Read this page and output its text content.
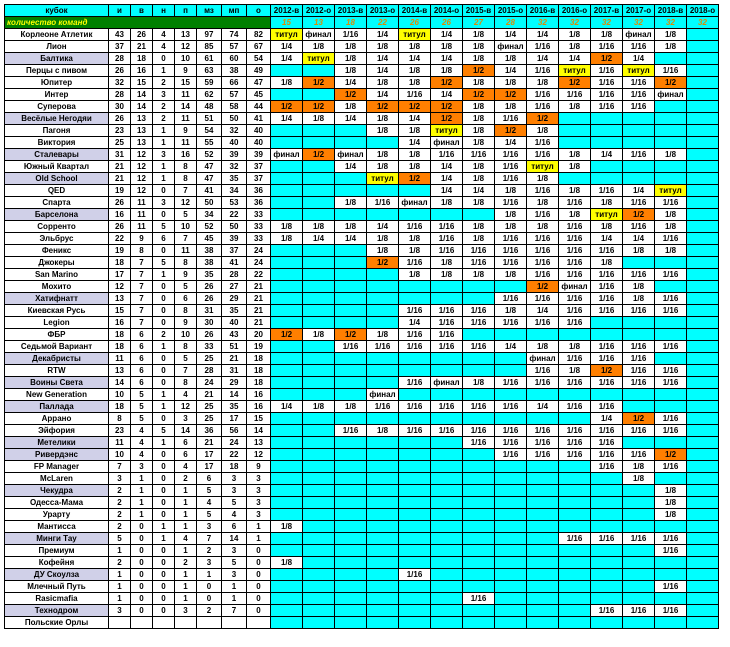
кубок	и	в	н	п	мз	мп	о	2012-в	2012-о	2013-в	2013-о	2014-в	2014-о	2015-в	2015-о	2016-в	2016-о	2017-в	2017-о	2018-в	2018-о
количество команд								15	13	18	22	26	26	27	28	32	32	32	32	32	32
Корлеоне Атлетик	43	26	4	13	97	74	82	титул	финал	1/16	1/4	титул	1/4	1/8	1/4	1/4	1/8	1/8	финал	1/8	
Лион	37	21	4	12	85	57	67	1/4	1/8	1/8	1/8	1/8	1/8	1/8	финал	1/16	1/8	1/16	1/16	1/8	
Балтика	28	18	0	10	61	60	54	1/4	титул	1/8	1/4	1/4	1/4	1/8	1/8	1/4	1/4	1/2	1/4		
Перцы с пивом	26	16	1	9	63	38	49			1/8	1/4	1/8	1/8	1/2	1/4	1/16	титул	1/16	титул	1/16	
Юпитер	32	15	2	15	59	66	47	1/8	1/2	1/4	1/8	1/8	1/2	1/8	1/8	1/8	1/2	1/16	1/16	1/2	
Интер	28	14	3	11	62	57	45			1/2	1/4	1/16	1/4	1/2	1/2	1/16	1/16	1/16	1/16	финал	
Суперова	30	14	2	14	48	58	44	1/2	1/2	1/8	1/2	1/2	1/2	1/8	1/8	1/16	1/8	1/16	1/16		
Весёлые Негодяи	26	13	2	11	51	50	41	1/4	1/8	1/4	1/8	1/4	1/2	1/8	1/16	1/2					
Пагоня	23	13	1	9	54	32	40				1/8	1/8	титул	1/8	1/2	1/8					
Виктория	25	13	1	11	55	40	40					1/4	финал	1/8	1/4	1/16					
Сталевары	31	12	3	16	52	39	39	финал	1/2	финал	1/8	1/8	1/16	1/16	1/16	1/16	1/8	1/4	1/16	1/8	
Южный Квартал	21	12	1	8	47	32	37			1/4	1/8	1/8	1/4	1/8	1/16	титул	1/8				
Old School	21	12	1	8	47	35	37				титул	1/2	1/4	1/8	1/16	1/8					
QED	19	12	0	7	41	34	36						1/4	1/4	1/8	1/16	1/8	1/16	1/4	титул	
Спарта	26	11	3	12	50	53	36			1/8	1/16	финал	1/8	1/8	1/16	1/8	1/16	1/8	1/16	1/16	
Барселона	16	11	0	5	34	22	33								1/8	1/16	1/8	титул	1/2	1/8	
Сорренто	26	11	5	10	52	50	33	1/8	1/8	1/8	1/4	1/16	1/16	1/8	1/8	1/8	1/16	1/8	1/16	1/8	
Эльбрус	22	9	6	7	45	39	33	1/8	1/4	1/4	1/8	1/8	1/16	1/8	1/16	1/16	1/16	1/4	1/4	1/16	
Феникс	19	8	0	11	38	37	24				1/8	1/8	1/16	1/16	1/16	1/16	1/16	1/16	1/8	1/8	
Джокеры	18	7	5	8	38	41	24				1/2	1/16	1/8	1/16	1/16	1/16	1/16	1/8			
San Marino	17	7	1	9	35	28	22					1/8	1/8	1/8	1/8	1/16	1/16	1/16	1/16	1/16	
Мохито	12	7	0	5	26	27	21									1/2	финал	1/16	1/8		
Хатифнатт	13	7	0	6	26	29	21								1/16	1/16	1/16	1/16	1/8	1/16	
Киевская Русь	15	7	0	8	31	35	21					1/16	1/16	1/16	1/8	1/4	1/16	1/16	1/16	1/16	
Legion	16	7	0	9	30	40	21					1/4	1/16	1/16	1/16	1/16	1/16				
ФБР	18	6	2	10	26	43	20	1/2	1/8	1/2	1/8	1/16	1/16								
Седьмой Вариант	18	6	1	8	33	51	19			1/16	1/16	1/16	1/16	1/16	1/4	1/8	1/8	1/16	1/16	1/16	
Декабристы	11	6	0	5	25	21	18									финал	1/16	1/16	1/16		
RTW	13	6	0	7	28	31	18									1/16	1/8	1/2	1/16	1/16	
Воины Света	14	6	0	8	24	29	18					1/16	финал	1/8	1/16	1/16	1/16	1/16	1/16	1/16	
New Generation	10	5	1	4	21	14	16				финал										
Паллада	18	5	1	12	25	35	16	1/4	1/8	1/8	1/16	1/16	1/16	1/16	1/16	1/4	1/16	1/16			
Аррано	8	5	0	3	25	17	15											1/4	1/2	1/16	
Эйфория	23	4	5	14	36	56	14			1/16	1/8	1/16	1/16	1/16	1/16	1/16	1/16	1/16	1/16	1/16	
Метелики	11	4	1	6	21	24	13							1/16	1/16	1/16	1/16	1/16			
Ривердэнс	10	4	0	6	17	22	12								1/16	1/16	1/16	1/16	1/16	1/2	
FP Manager	7	3	0	4	17	18	9											1/16	1/8	1/16	
McLaren	3	1	0	2	6	3	3												1/8		
Чекудра	2	1	0	1	5	3	3													1/8	
Одесса-Мама	2	1	0	1	4	5	3													1/8	
Урарту	2	1	0	1	5	4	3													1/8	
Мантисса	2	0	1	1	3	6	1	1/8													
Минги Тау	5	0	1	4	7	14	1										1/16	1/16	1/16	1/16	
Премиум	1	0	0	1	2	3	0													1/16	
Кофейня	2	0	0	2	3	5	0	1/8													
ДУ Скоулза	1	0	0	1	1	3	0					1/16									
Млечный Путь	1	0	0	1	0	1	0													1/16	
Rasicmafia	1	0	0	1	0	1	0							1/16							
Технодром	3	0	0	3	2	7	0											1/16	1/16	1/16	
Польские Орлы																					
